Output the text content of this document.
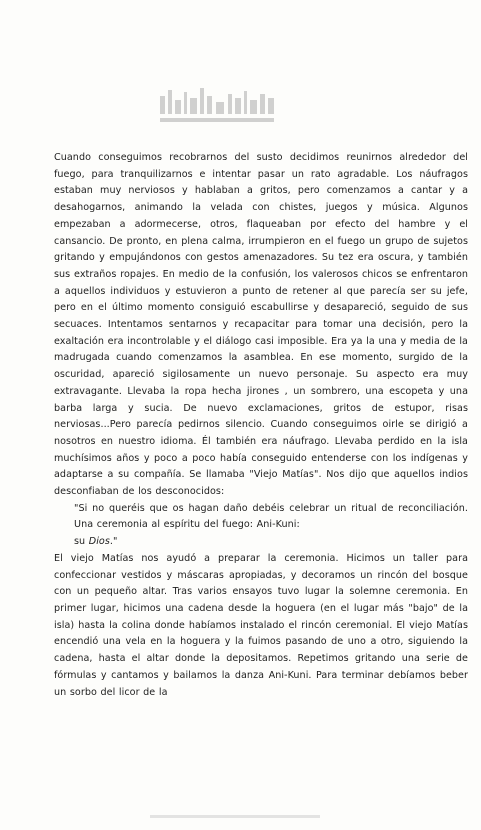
Cuando conseguimos recobrarnos del susto decidimos reunirnos alrededor del fuego, para tranquilizarnos e intentar pasar un rato agradable. Los náufragos estaban muy nerviosos y hablaban a gritos, pero comenzamos a cantar y a desahogarnos, animando la velada con chistes, juegos y música. Algunos empezaban a adormecerse, otros, flaqueaban por efecto del hambre y el cansancio. De pronto, en plena calma, irrumpieron en el fuego un grupo de sujetos gritando y empujándonos con gestos amenazadores. Su tez era oscura, y también sus extraños ropajes. En medio de la confusión, los valerosos chicos se enfrentaron a aquellos individuos y estuvieron a punto de retener al que parecía ser su jefe, pero en el último momento consiguió escabullirse y desapareció, seguido de sus secuaces. Intentamos sentarnos y recapacitar para tomar una decisión, pero la exaltación era incontrolable y el diálogo casi imposible. Era ya la una y media de la madrugada cuando comenzamos la asamblea. En ese momento, surgido de la oscuridad, apareció sigilosamente un nuevo personaje. Su aspecto era muy extravagante. Llevaba la ropa hecha jirones , un sombrero, una escopeta y una barba larga y sucia. De nuevo exclamaciones, gritos de estupor, risas nerviosas...Pero parecía pedirnos silencio. Cuando conseguimos oirle se dirigió a nosotros en nuestro idioma. Él también era náufrago. Llevaba perdido en la isla muchísimos años y poco a poco había conseguido entenderse con los indígenas y adaptarse a su compañía. Se llamaba "Viejo Matías". Nos dijo que aquellos indios desconfiaban de los desconocidos:

"Si no queréis que os hagan daño debéis celebrar un ritual de reconciliación. Una ceremonia al espíritu del fuego: Ani-Kuni:

su Dios."

El viejo Matías nos ayudó a preparar la ceremonia. Hicimos un taller para confeccionar vestidos y máscaras apropiadas, y decoramos un rincón del bosque con un pequeño altar. Tras varios ensayos tuvo lugar la solemne ceremonia. En primer lugar, hicimos una cadena desde la hoguera (en el lugar más "bajo" de la isla) hasta la colina donde habíamos instalado el rincón ceremonial. El viejo Matías encendió una vela en la hoguera y la fuimos pasando de uno a otro, siguiendo la cadena, hasta el altar donde la depositamos. Repetimos gritando una serie de fórmulas y cantamos y bailamos la danza Ani-Kuni. Para terminar debíamos beber un sorbo del licor de la
